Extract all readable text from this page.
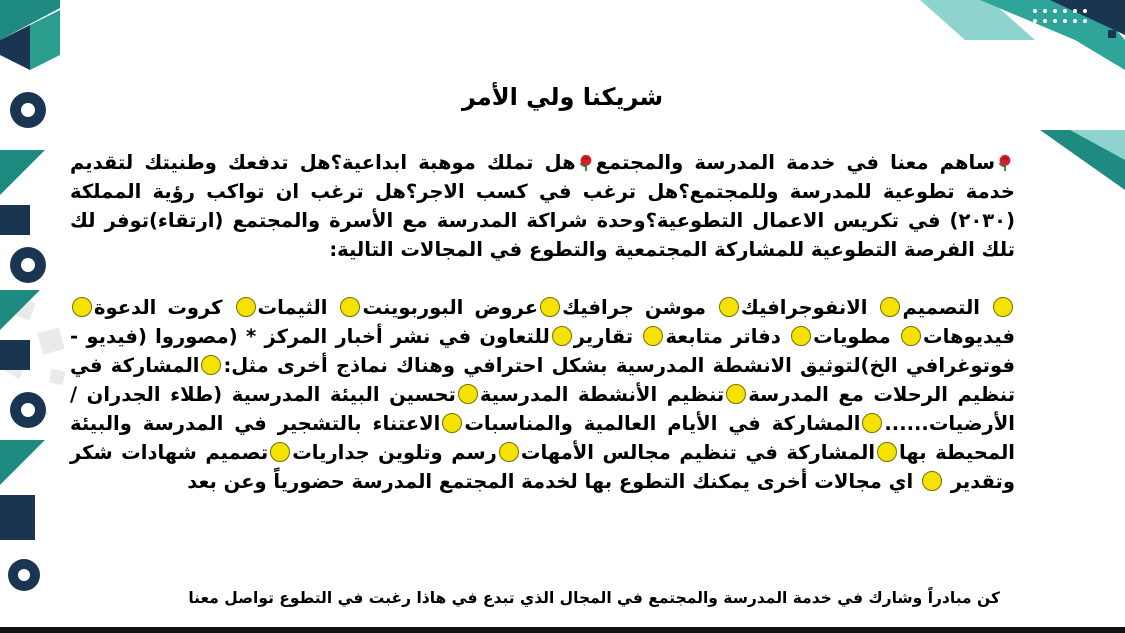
شريكنا ولي الأمر

ساهم معنا في خدمة المدرسة والمجتمعهل تملك موهبة ابداعية؟هل تدفعك وطنيتك لتقديم خدمة تطوعية للمدرسة وللمجتمع؟هل ترغب في كسب الاجر؟هل ترغب ان تواكب رؤية المملكة (٢٠٣٠) في تكريس الاعمال التطوعية؟وحدة شراكة المدرسة مع الأسرة والمجتمع (ارتقاء)توفر لك تلك الفرصة التطوعية للمشاركة المجتمعية والتطوع في المجالات التالية:

التصميم الانفوجرافيك موشن جرافيكعروض البوربوينت الثيمات كروت الدعوة فيديوهات مطويات دفاتر متابعة تقاريرللتعاون في نشر أخبار المركز * (مصوروا (فيديو - فوتوغرافي الخ)لتوثيق الانشطة المدرسية بشكل احترافي وهناك نماذج أخرى مثل:المشاركة في تنظيم الرحلات مع المدرسةتنظيم الأنشطة المدرسيةتحسين البيئة المدرسية (طلاء الجدران / الأرضيات......المشاركة في الأيام العالمية والمناسباتالاعتناء بالتشجير في المدرسة والبيئة المحيطة بهاالمشاركة في تنظيم مجالس الأمهاترسم وتلوين جدارياتتصميم شهادات شكر وتقدير  اي مجالات أخرى يمكنك التطوع بها لخدمة المجتمع المدرسة حضورياً وعن بعد

كن مبادراً وشارك في خدمة المدرسة والمجتمع في المجال الذي تبدع في هاذا رغبت في التطوع تواصل معنا
